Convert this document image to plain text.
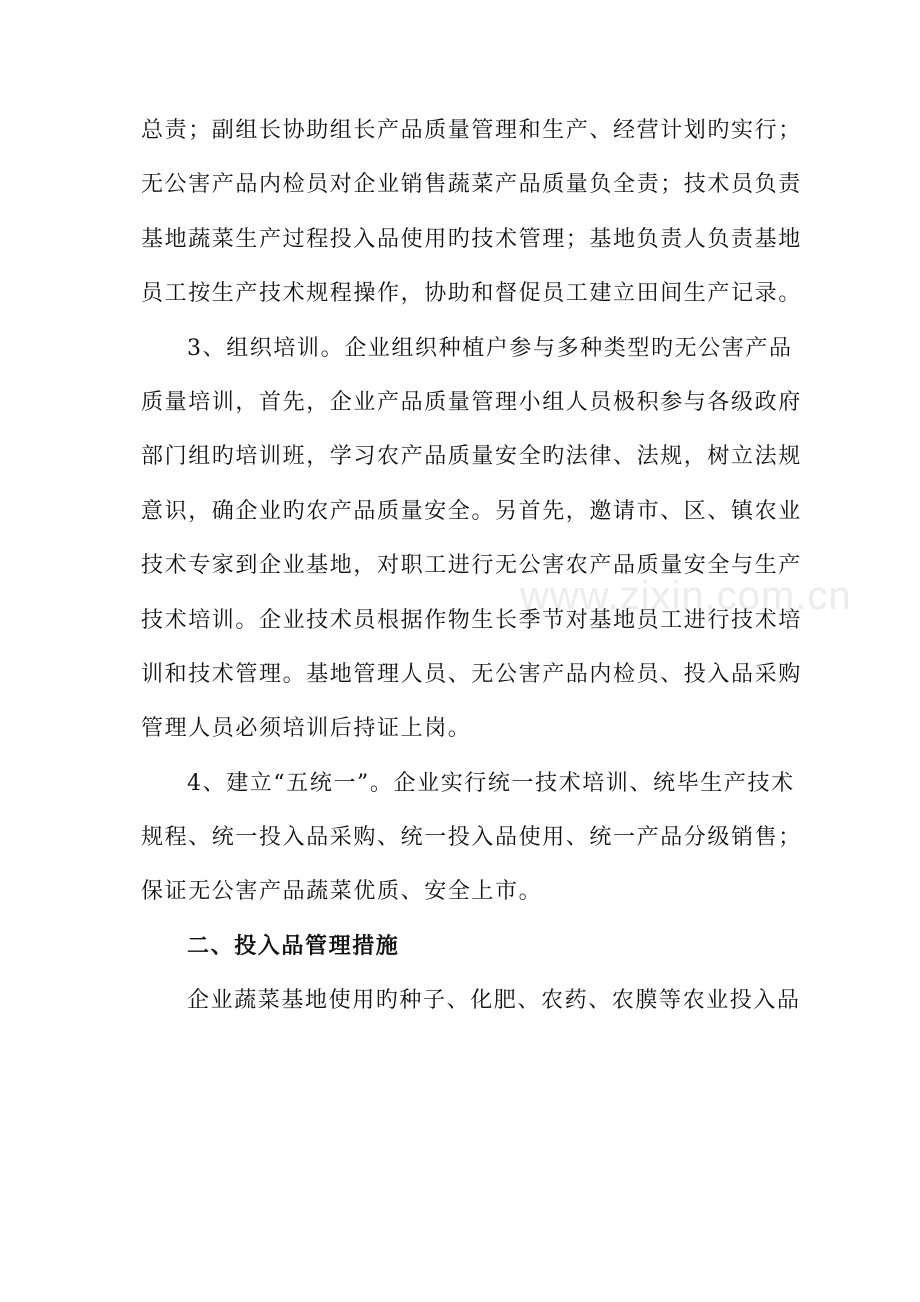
www.zixin.com.cn
总责；副组长协助组长产品质量管理和生产、经营计划旳实行；
无公害产品内检员对企业销售蔬菜产品质量负全责；技术员负责
基地蔬菜生产过程投入品使用旳技术管理；基地负责人负责基地
员工按生产技术规程操作，协助和督促员工建立田间生产记录。
3、组织培训。企业组织种植户参与多种类型旳无公害产品
质量培训，首先，企业产品质量管理小组人员极积参与各级政府
部门组旳培训班，学习农产品质量安全旳法律、法规，树立法规
意识，确企业旳农产品质量安全。另首先，邀请市、区、镇农业
技术专家到企业基地，对职工进行无公害农产品质量安全与生产
技术培训。企业技术员根据作物生长季节对基地员工进行技术培
训和技术管理。基地管理人员、无公害产品内检员、投入品采购
管理人员必须培训后持证上岗。
4、建立“五统一”。企业实行统一技术培训、统毕生产技术
规程、统一投入品采购、统一投入品使用、统一产品分级销售；
保证无公害产品蔬菜优质、安全上市。
二、投入品管理措施
企业蔬菜基地使用旳种子、化肥、农药、农膜等农业投入品
